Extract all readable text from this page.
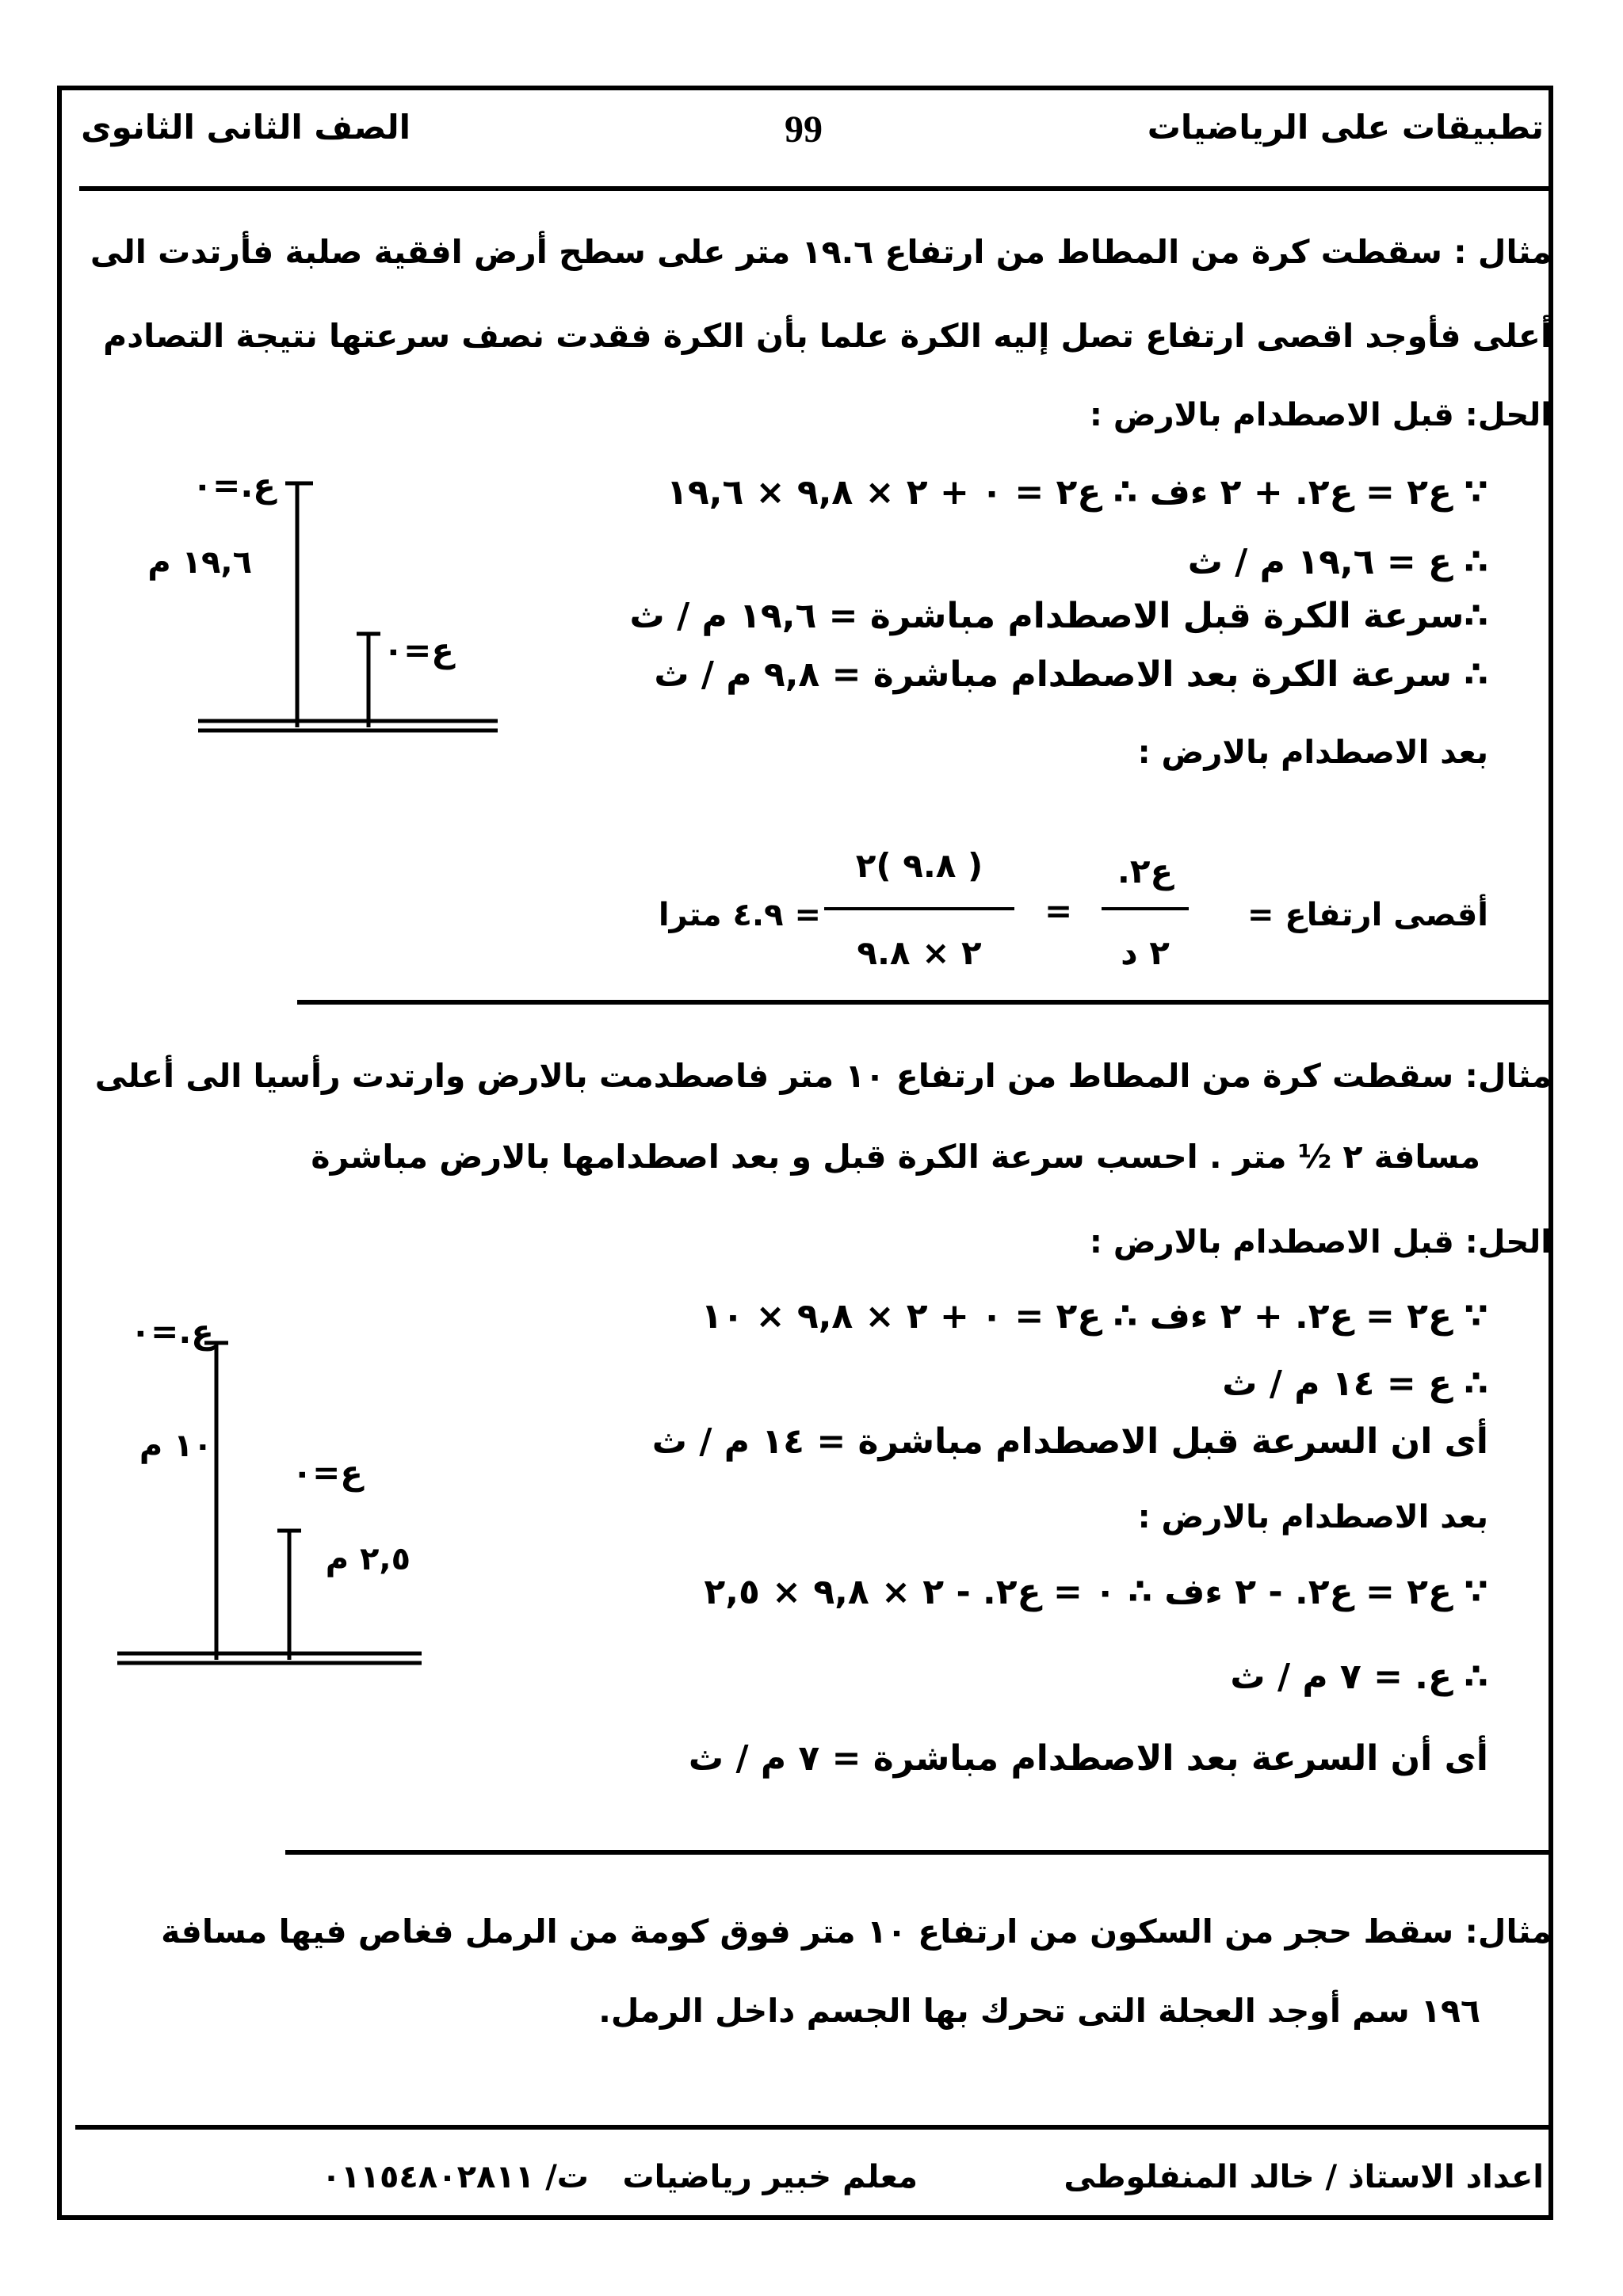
تطبيقات على الرياضيات
99
الصف الثانى الثانوى
مثال : سقطت كرة من المطاط من ارتفاع ١٩.٦ متر على سطح أرض افقية صلبة فأرتدت الى
أعلى فأوجد اقصى ارتفاع تصل إليه الكرة علما بأن الكرة فقدت نصف سرعتها نتيجة التصادم
الحل: قبل الاصطدام بالارض :
∵ ع٢ = ع٢. + ٢ ءف ∴ ع٢ = ٠ + ٢ × ٩,٨ × ١٩,٦
∴ ع = ١٩,٦ م / ث
∴سرعة الكرة قبل الاصطدام مباشرة = ١٩,٦ م / ث
∴ سرعة الكرة بعد الاصطدام مباشرة = ٩,٨ م / ث
بعد الاصطدام بالارض :
أقصى ارتفاع =
ع٢.
٢ د
=
( ٩.٨ )٢
٢ × ٩.٨
= ٤.٩ مترا
ع.=٠
١٩,٦ م
ع=٠
مثال: سقطت كرة من المطاط من ارتفاع ١٠ متر فاصطدمت بالارض وارتدت رأسيا الى أعلى
مسافة ٢ ½ متر . احسب سرعة الكرة قبل و بعد اصطدامها بالارض مباشرة
الحل: قبل الاصطدام بالارض :
∵ ع٢ = ع٢. + ٢ ءف ∴ ع٢ = ٠ + ٢ × ٩,٨ × ١٠
∴ ع = ١٤ م / ث
أى ان السرعة قبل الاصطدام مباشرة = ١٤ م / ث
بعد الاصطدام بالارض :
∵ ع٢ = ع٢. - ٢ ءف ∴ ٠ = ع٢. - ٢ × ٩,٨ × ٢,٥
∴ ع. = ٧ م / ث
أى أن السرعة بعد الاصطدام مباشرة = ٧ م / ث
ع.=٠
١٠ م
ع=٠
٢,٥ م
مثال: سقط حجر من السكون من ارتفاع ١٠ متر فوق كومة من الرمل فغاص فيها مسافة
١٩٦ سم أوجد العجلة التى تحرك بها الجسم داخل الرمل.
اعداد الاستاذ / خالد المنفلوطى
معلم خبير رياضيات
ت/ ٠١١٥٤٨٠٢٨١١
